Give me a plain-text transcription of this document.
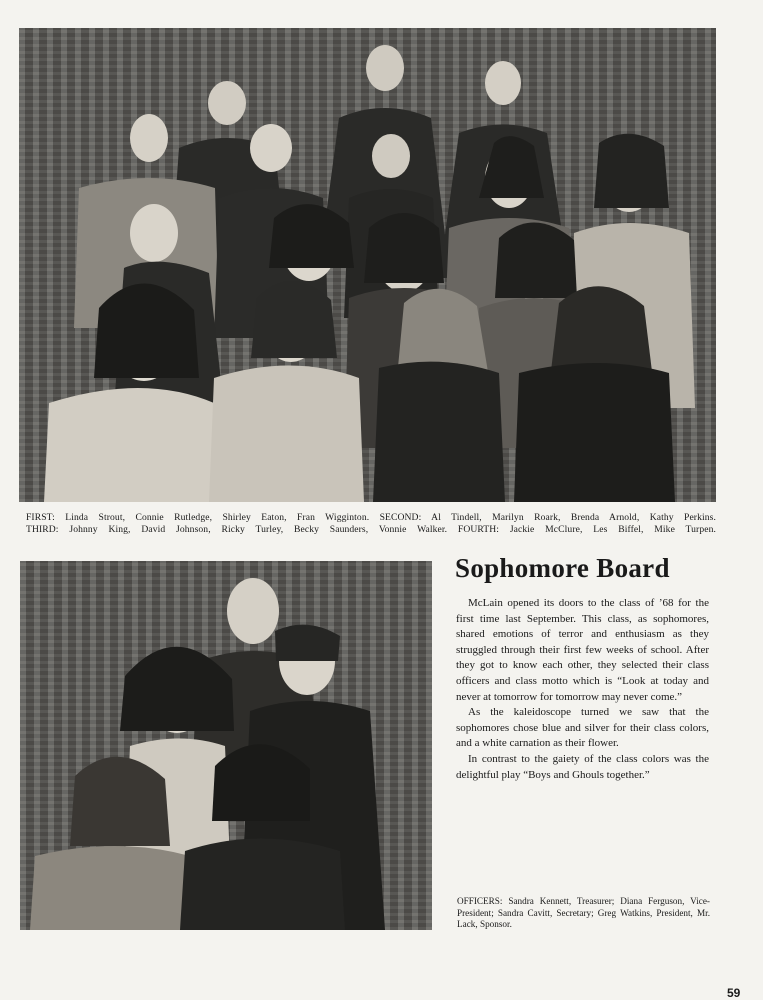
FIRST: Linda Strout, Connie Rutledge, Shirley Eaton, Fran Wigginton. SECOND: Al Tindell, Marilyn Roark, Brenda Arnold, Kathy Perkins.

THIRD: Johnny King, David Johnson, Ricky Turley, Becky Saunders, Vonnie Walker. FOURTH: Jackie McClure, Les Biffel, Mike Turpen.

Sophomore Board

McLain opened its doors to the class of ’68 for the first time last September. This class, as sophomores, shared emotions of terror and enthusiasm as they struggled through their first few weeks of school. After they got to know each other, they selected their class officers and class motto which is “Look at today and never at tomorrow for tomorrow may never come.”

As the kaleidoscope turned we saw that the sophomores chose blue and silver for their class colors, and a white carnation as their flower.

In contrast to the gaiety of the class colors was the delightful play “Boys and Ghouls together.”

OFFICERS: Sandra Kennett, Treasurer; Diana Ferguson, Vice-President; Sandra Cavitt, Secretary; Greg Watkins, President, Mr. Lack, Sponsor.
59
